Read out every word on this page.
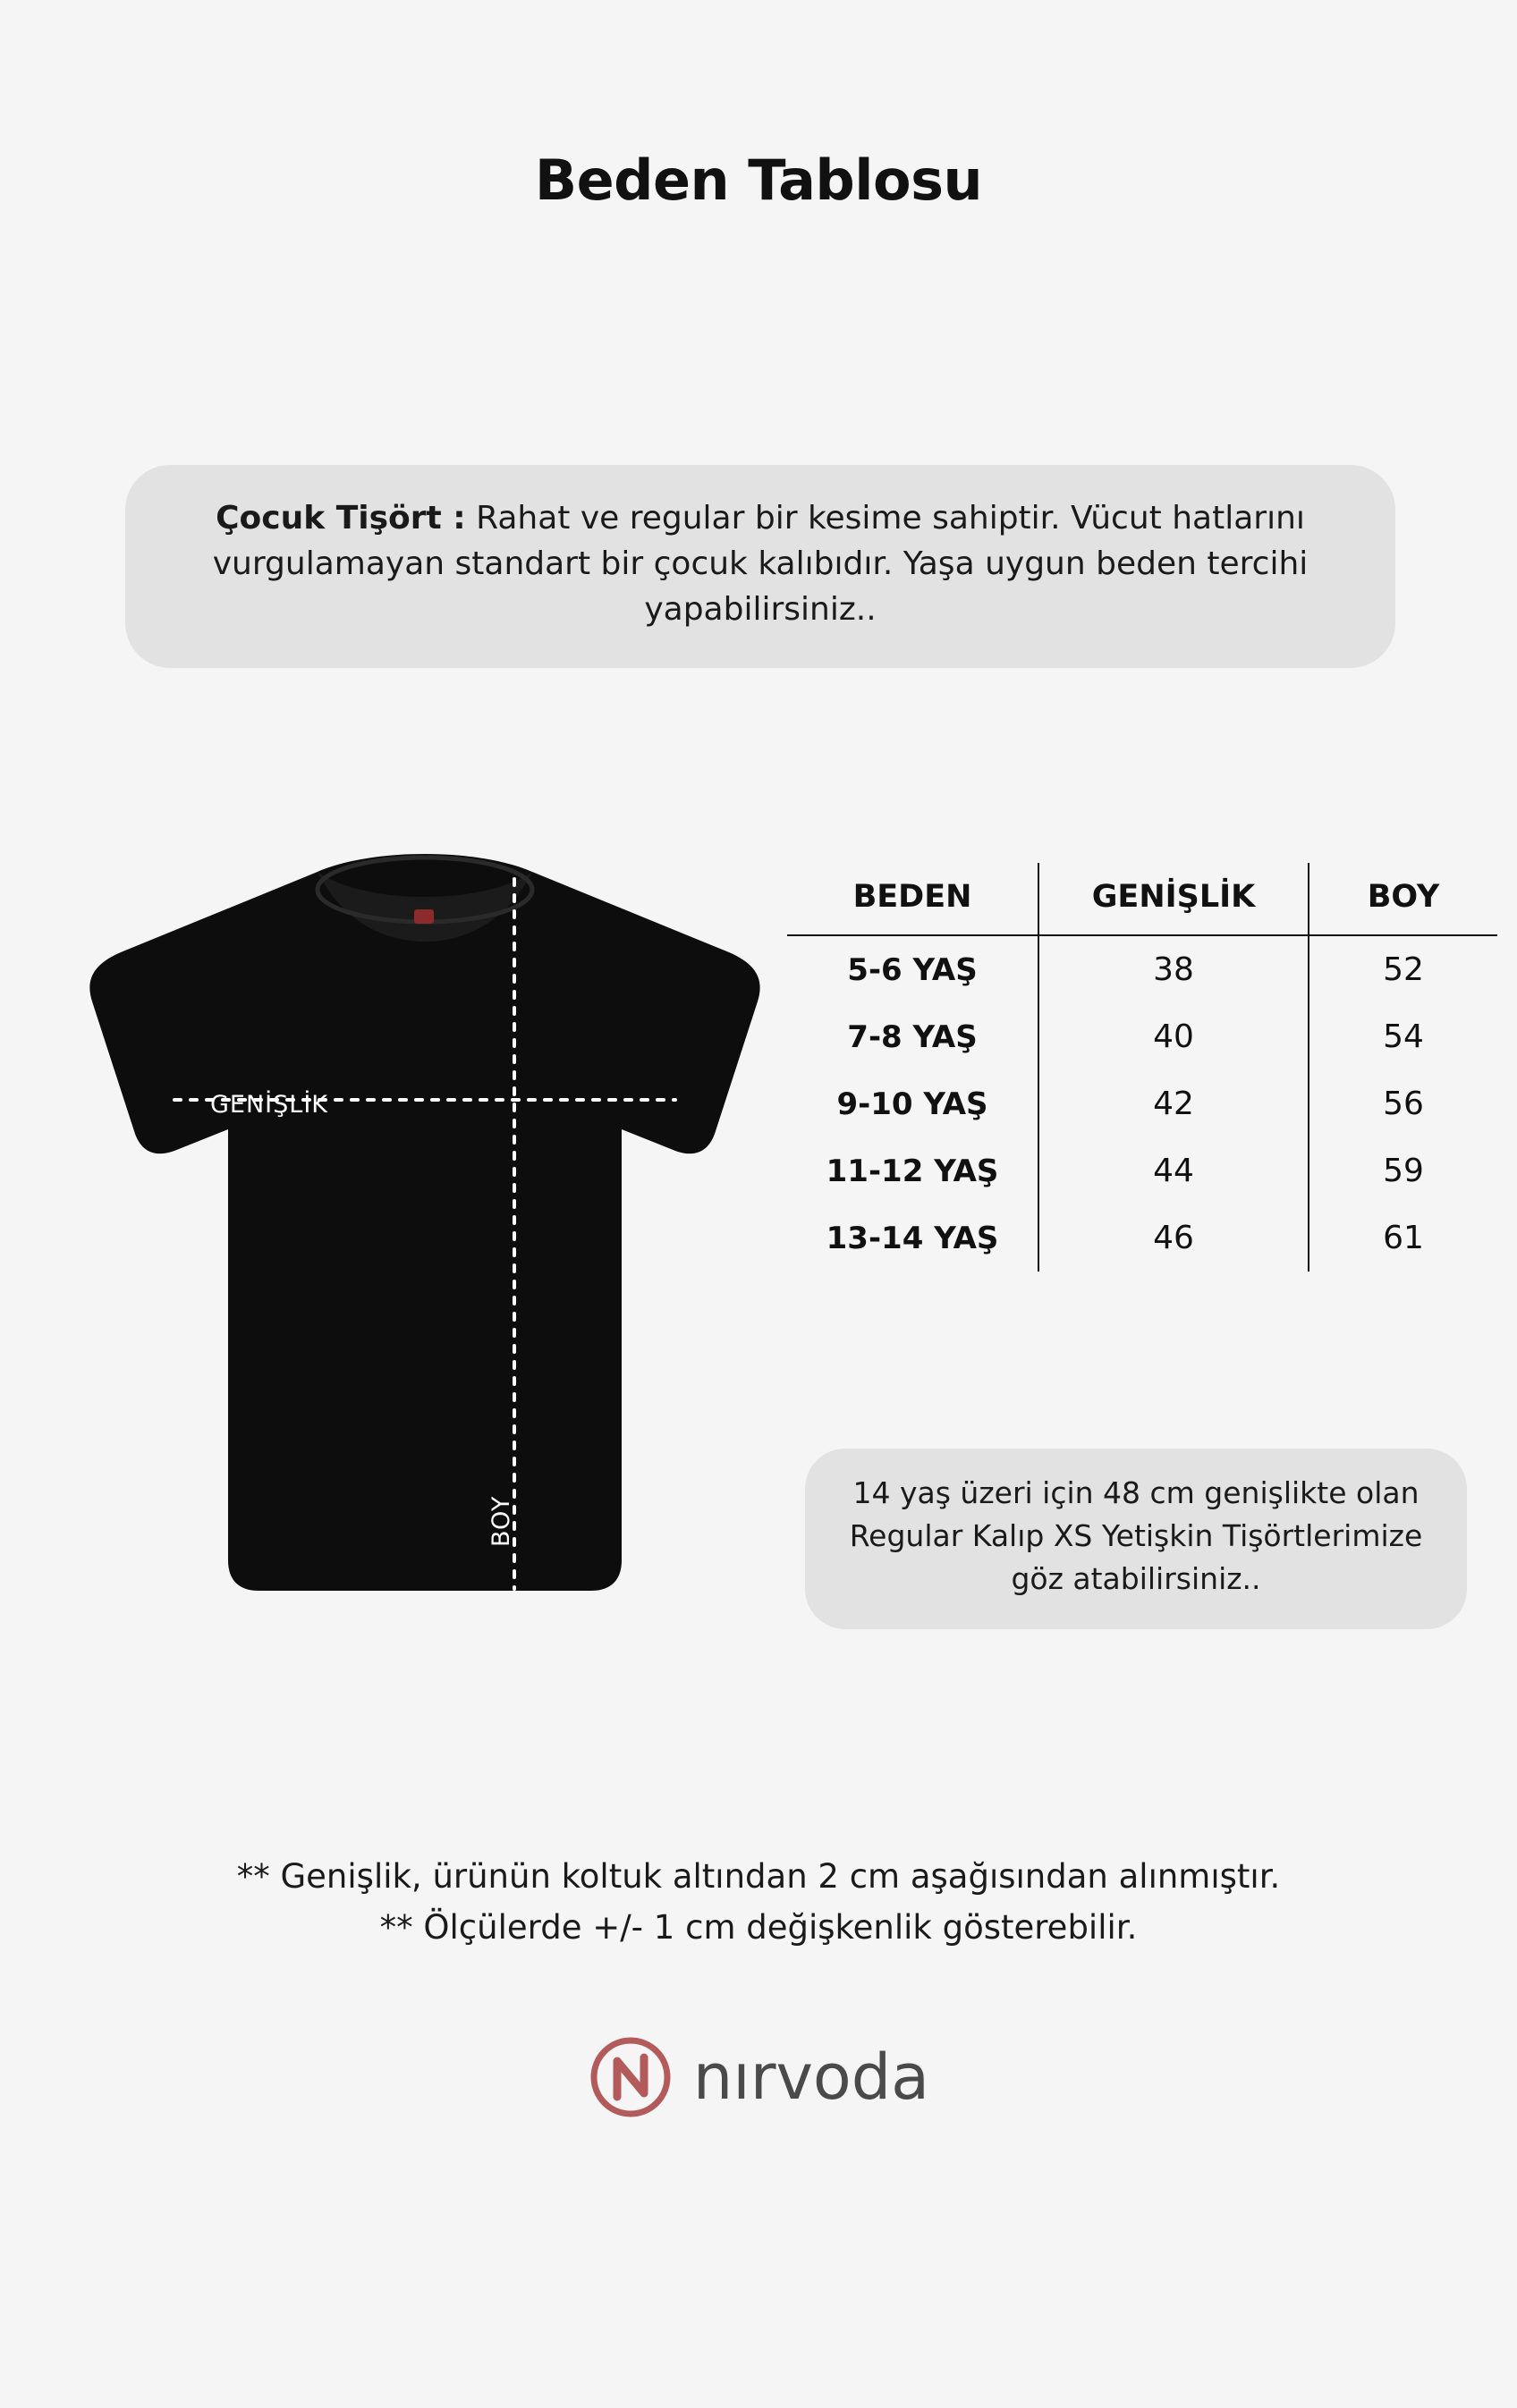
Beden Tablosu
Çocuk Tişört : Rahat ve regular bir kesime sahiptir. Vücut hatlarını vurgulamayan standart bir çocuk kalıbıdır. Yaşa uygun beden tercihi yapabilirsiniz..
GENİŞLİK
BOY
BEDEN	GENİŞLİK	BOY
5-6 YAŞ	38	52
7-8 YAŞ	40	54
9-10 YAŞ	42	56
11-12 YAŞ	44	59
13-14 YAŞ	46	61
14 yaş üzeri için 48 cm genişlikte olan Regular Kalıp XS Yetişkin Tişörtlerimize göz atabilirsiniz..
** Genişlik, ürünün koltuk altından 2 cm aşağısından alınmıştır.
** Ölçülerde +/- 1 cm değişkenlik gösterebilir.
nırvoda
